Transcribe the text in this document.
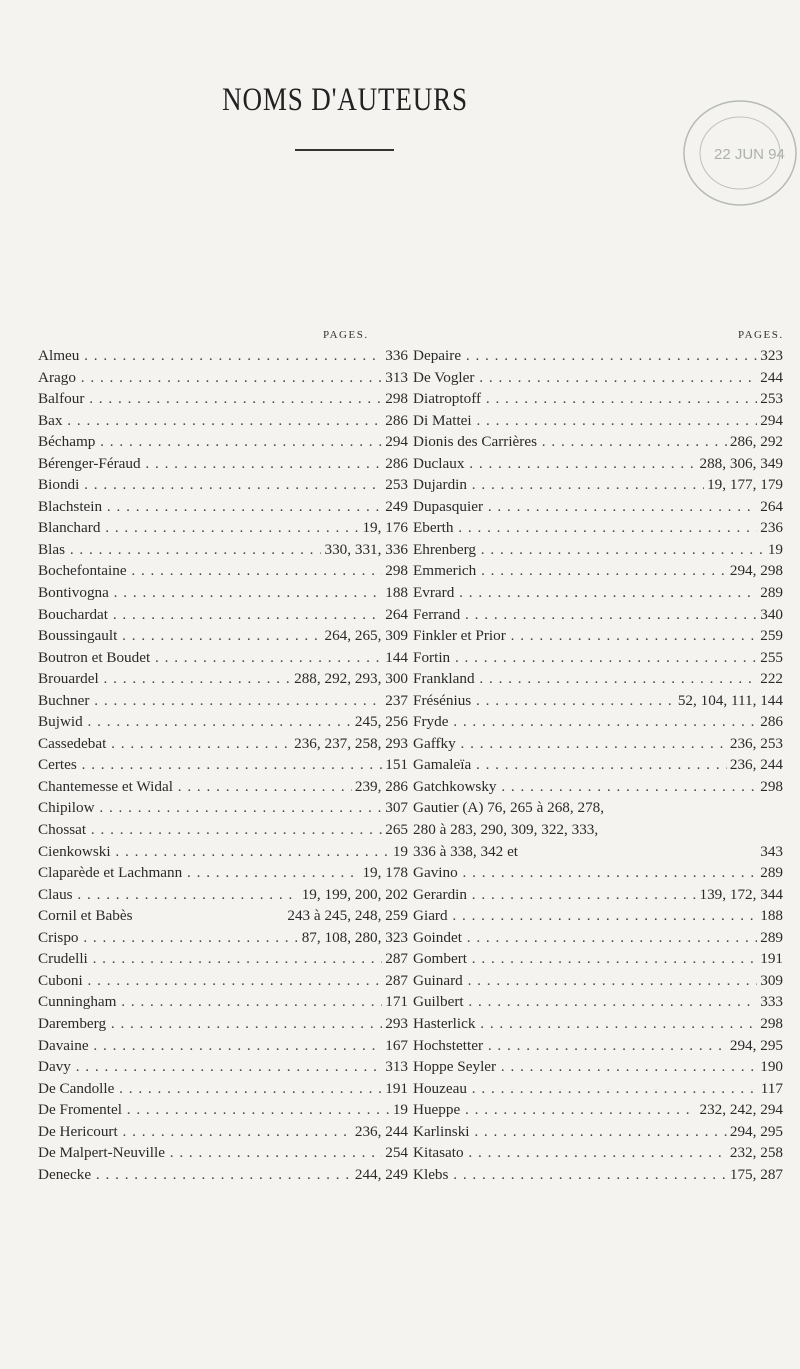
NOMS D'AUTEURS
22 JUN 94
PAGES.	PAGES.
Almeu . . .	336
Arago . . .	313
Balfour . . .	298
Bax . . .	286
Béchamp . . .	294
Bérenger-Féraud . . .	286
Biondi . . .	253
Blachstein . . .	249
Blanchard . . .	19, 176
Blas . . .	330, 331, 336
Bochefontaine . . .	298
Bontivogna . . .	188
Bouchardat . . .	264
Boussingault . . .	264, 265, 309
Boutron et Boudet . . .	144
Brouardel . . .	288, 292, 293, 300
Buchner . . .	237
Bujwid . . .	245, 256
Cassedebat . . .	236, 237, 258, 293
Certes . . .	151
Chantemesse et Widal . . .	239, 286
Chipilow . . .	307
Chossat . . .	265
Cienkowski . . .	19
Claparède et Lachmann . . .	19, 178
Claus . . .	19, 199, 200, 202
Cornil et Babès	243 à 245, 248, 259
Crispo . . .	87, 108, 280, 323
Crudelli . . .	287
Cuboni . . .	287
Cunningham . . .	171
Daremberg . . .	293
Davaine . . .	167
Davy . . .	313
De Candolle . . .	191
De Fromentel . . .	19
De Hericourt . . .	236, 244
De Malpert-Neuville . . .	254
Denecke . . .	244, 249
Depaire . . .	323
De Vogler . . .	244
Diatroptoff . . .	253
Di Mattei . . .	294
Dionis des Carrières . . .	286, 292
Duclaux . . .	288, 306, 349
Dujardin . . .	19, 177, 179
Dupasquier . . .	264
Eberth . . .	236
Ehrenberg . . .	19
Emmerich . . .	294, 298
Evrard . . .	289
Ferrand . . .	340
Finkler et Prior . . .	259
Fortin . . .	255
Frankland . . .	222
Frésénius . . .	52, 104, 111, 144
Fryde . . .	286
Gaffky . . .	236, 253
Gamaleïa . . .	236, 244
Gatchkowsky . . .	298
Gautier (A) 76, 265 à 268, 278,
280 à 283, 290, 309, 322, 333,
336 à 338, 342 et	343
Gavino . . .	289
Gerardin . . .	139, 172, 344
Giard . . .	188
Goindet . . .	289
Gombert . . .	191
Guinard . . .	309
Guilbert . . .	333
Hasterlick . . .	298
Hochstetter . . .	294, 295
Hoppe Seyler . . .	190
Houzeau . . .	117
Hueppe . . .	232, 242, 294
Karlinski . . .	294, 295
Kitasato . . .	232, 258
Klebs . . .	175, 287
